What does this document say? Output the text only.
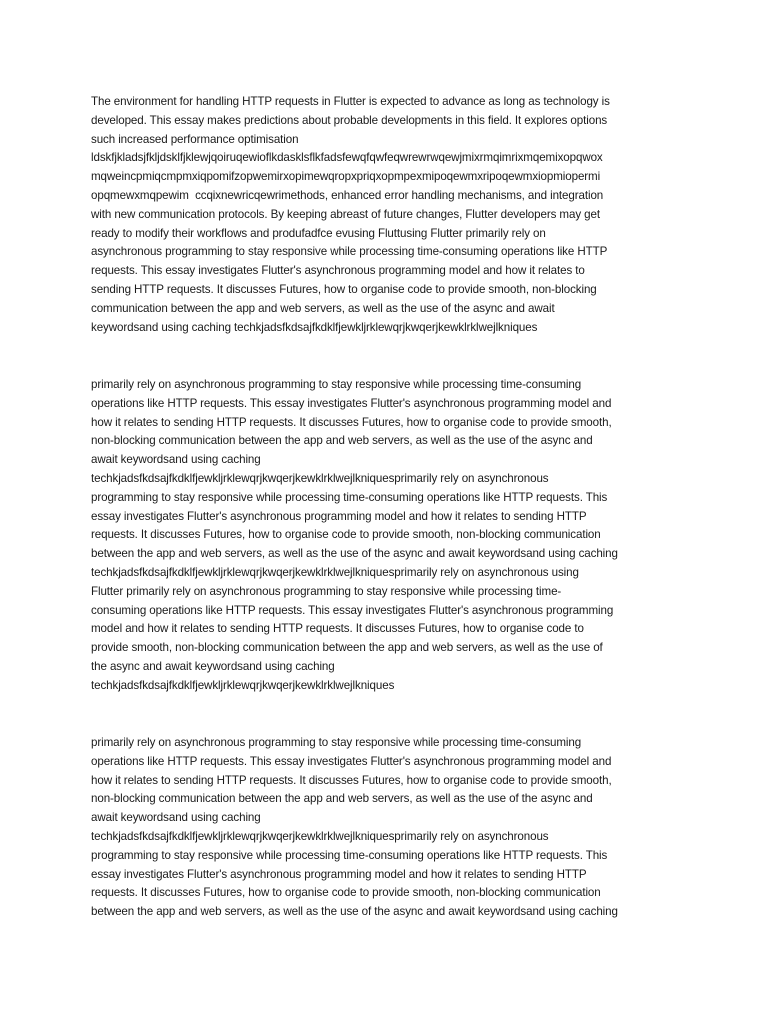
The environment for handling HTTP requests in Flutter is expected to advance as long as technology is
developed. This essay makes predictions about probable developments in this field. It explores options
such increased performance optimisation
ldskfjkladsjfkljdsklfjklewjqoiruqewioflkdasklsflkfadsfewqfqwfeqwrewrwqewjmixrmqimrixmqemixopqwox
mqweincpmiqcmpmxiqpomifzopwemirxopimewqropxpriqxopmpexmipoqewmxripoqewmxiopmiopermi
opqmewxmqpewim  ccqixnewricqewrimethods, enhanced error handling mechanisms, and integration
with new communication protocols. By keeping abreast of future changes, Flutter developers may get
ready to modify their workflows and produfadfce evusing Fluttusing Flutter primarily rely on
asynchronous programming to stay responsive while processing time-consuming operations like HTTP
requests. This essay investigates Flutter's asynchronous programming model and how it relates to
sending HTTP requests. It discusses Futures, how to organise code to provide smooth, non-blocking
communication between the app and web servers, as well as the use of the async and await
keywordsand using caching techkjadsfkdsajfkdklfjewkljrklewqrjkwqerjkewklrklwejlkniques

primarily rely on asynchronous programming to stay responsive while processing time-consuming
operations like HTTP requests. This essay investigates Flutter's asynchronous programming model and
how it relates to sending HTTP requests. It discusses Futures, how to organise code to provide smooth,
non-blocking communication between the app and web servers, as well as the use of the async and
await keywordsand using caching
techkjadsfkdsajfkdklfjewkljrklewqrjkwqerjkewklrklwejlkniquesprimarily rely on asynchronous
programming to stay responsive while processing time-consuming operations like HTTP requests. This
essay investigates Flutter's asynchronous programming model and how it relates to sending HTTP
requests. It discusses Futures, how to organise code to provide smooth, non-blocking communication
between the app and web servers, as well as the use of the async and await keywordsand using caching
techkjadsfkdsajfkdklfjewkljrklewqrjkwqerjkewklrklwejlkniquesprimarily rely on asynchronous using
Flutter primarily rely on asynchronous programming to stay responsive while processing time-
consuming operations like HTTP requests. This essay investigates Flutter's asynchronous programming
model and how it relates to sending HTTP requests. It discusses Futures, how to organise code to
provide smooth, non-blocking communication between the app and web servers, as well as the use of
the async and await keywordsand using caching
techkjadsfkdsajfkdklfjewkljrklewqrjkwqerjkewklrklwejlkniques

primarily rely on asynchronous programming to stay responsive while processing time-consuming
operations like HTTP requests. This essay investigates Flutter's asynchronous programming model and
how it relates to sending HTTP requests. It discusses Futures, how to organise code to provide smooth,
non-blocking communication between the app and web servers, as well as the use of the async and
await keywordsand using caching
techkjadsfkdsajfkdklfjewkljrklewqrjkwqerjkewklrklwejlkniquesprimarily rely on asynchronous
programming to stay responsive while processing time-consuming operations like HTTP requests. This
essay investigates Flutter's asynchronous programming model and how it relates to sending HTTP
requests. It discusses Futures, how to organise code to provide smooth, non-blocking communication
between the app and web servers, as well as the use of the async and await keywordsand using caching
